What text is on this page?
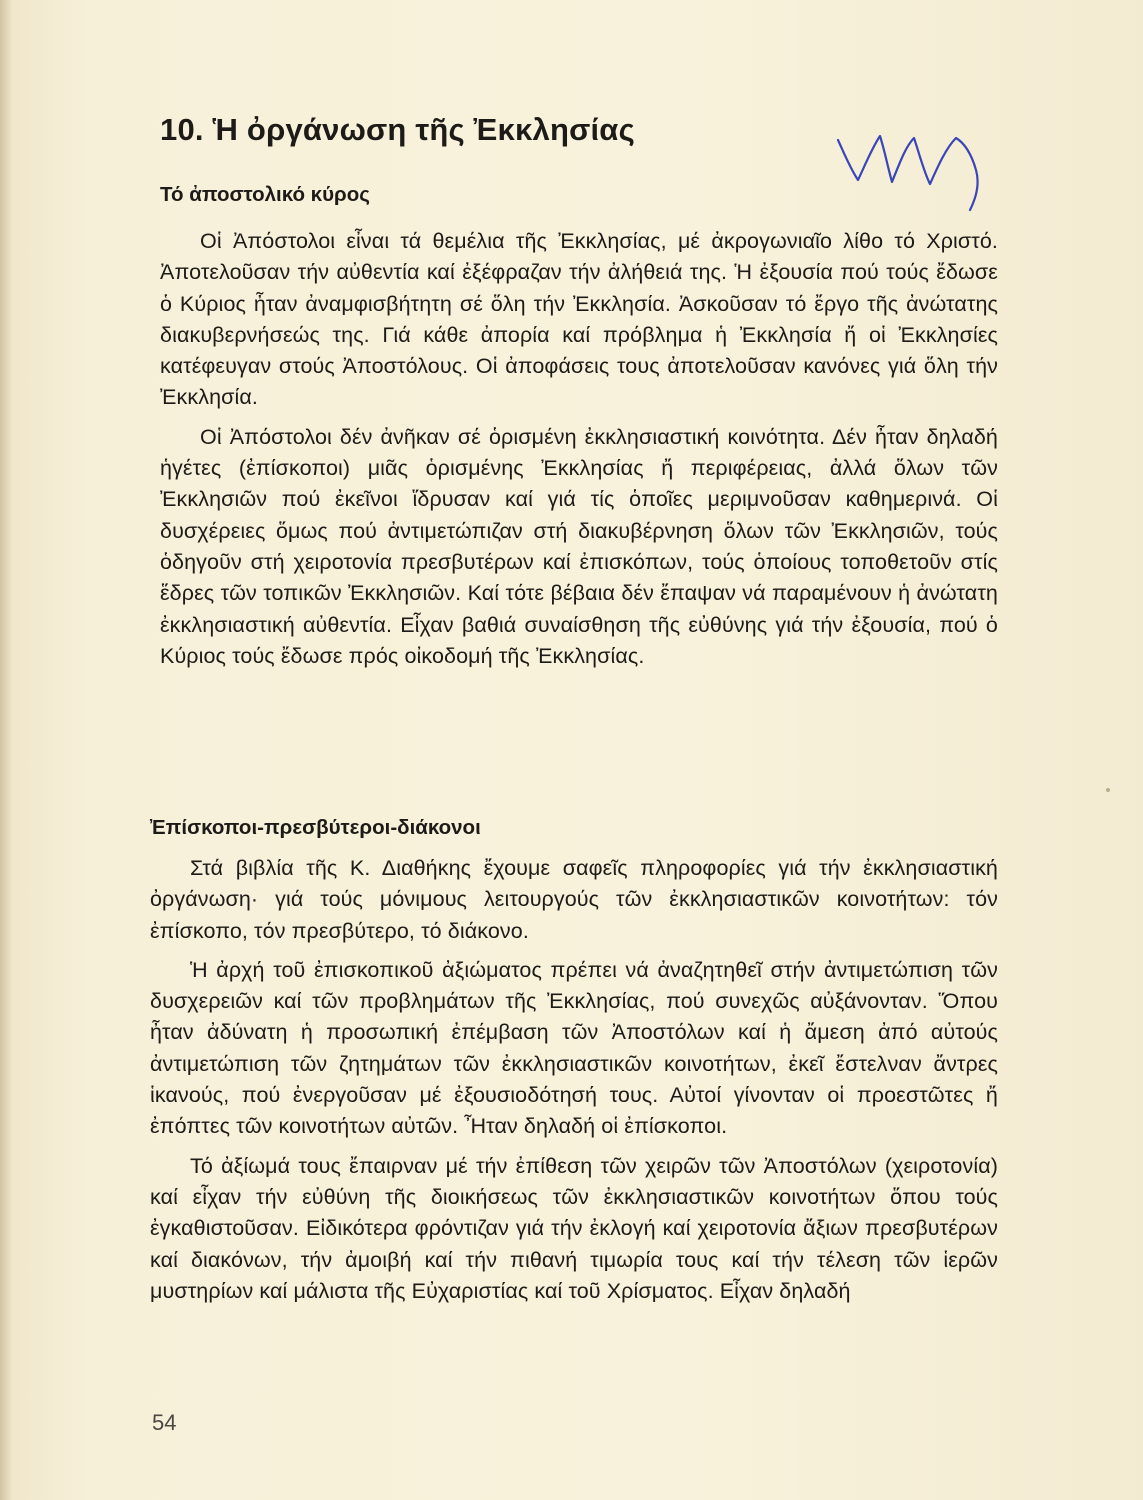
10. Ἡ ὀργάνωση τῆς Ἐκκλησίας
Τό ἀποστολικό κύρος

Οἱ Ἀπόστολοι εἶναι τά θεμέλια τῆς Ἐκκλησίας, μέ ἀκρογωνιαῖο λίθο τό Χριστό. Ἀποτελοῦσαν τήν αὐθεντία καί ἐξέφραζαν τήν ἀλήθειά της. Ἡ ἐξουσία πού τούς ἔδωσε ὁ Κύριος ἦταν ἀναμφισβήτητη σέ ὅλη τήν Ἐκκλησία. Ἀσκοῦσαν τό ἔργο τῆς ἀνώτατης διακυβερνήσεώς της. Γιά κάθε ἀπορία καί πρόβλημα ἡ Ἐκκλησία ἤ οἱ Ἐκκλησίες κατέφευγαν στούς Ἀποστόλους. Οἱ ἀποφάσεις τους ἀποτελοῦσαν κανόνες γιά ὅλη τήν Ἐκκλησία.

Οἱ Ἀπόστολοι δέν ἀνῆκαν σέ ὁρισμένη ἐκκλησιαστική κοινότητα. Δέν ἦταν δηλαδή ἡγέτες (ἐπίσκοποι) μιᾶς ὁρισμένης Ἐκκλησίας ἤ περιφέρειας, ἀλλά ὅλων τῶν Ἐκκλησιῶν πού ἐκεῖνοι ἵδρυσαν καί γιά τίς ὁποῖες μεριμνοῦσαν καθημερινά. Οἱ δυσχέρειες ὅμως πού ἀντιμετώπιζαν στή διακυβέρνηση ὅλων τῶν Ἐκκλησιῶν, τούς ὁδηγοῦν στή χειροτονία πρεσβυτέρων καί ἐπισκόπων, τούς ὁποίους τοποθετοῦν στίς ἕδρες τῶν τοπικῶν Ἐκκλησιῶν. Καί τότε βέβαια δέν ἔπαψαν νά παραμένουν ἡ ἀνώτατη ἐκκλησιαστική αὐθεντία. Εἶχαν βαθιά συναίσθηση τῆς εὐθύνης γιά τήν ἐξουσία, πού ὁ Κύριος τούς ἔδωσε πρός οἰκοδομή τῆς Ἐκκλησίας.

Ἐπίσκοποι-πρεσβύτεροι-διάκονοι

Στά βιβλία τῆς Κ. Διαθήκης ἔχουμε σαφεῖς πληροφορίες γιά τήν ἐκκλησιαστική ὀργάνωση· γιά τούς μόνιμους λειτουργούς τῶν ἐκκλησιαστικῶν κοινοτήτων: τόν ἐπίσκοπο, τόν πρεσβύτερο, τό διάκονο.

Ἡ ἀρχή τοῦ ἐπισκοπικοῦ ἀξιώματος πρέπει νά ἀναζητηθεῖ στήν ἀντιμετώπιση τῶν δυσχερειῶν καί τῶν προβλημάτων τῆς Ἐκκλησίας, πού συνεχῶς αὐξάνονταν. Ὅπου ἦταν ἀδύνατη ἡ προσωπική ἐπέμβαση τῶν Ἀποστόλων καί ἡ ἄμεση ἀπό αὐτούς ἀντιμετώπιση τῶν ζητημάτων τῶν ἐκκλησιαστικῶν κοινοτήτων, ἐκεῖ ἔστελναν ἄντρες ἱκανούς, πού ἐνεργοῦσαν μέ ἐξουσιοδότησή τους. Αὐτοί γίνονταν οἱ προεστῶτες ἤ ἐπόπτες τῶν κοινοτήτων αὐτῶν. Ἦταν δηλαδή οἱ ἐπίσκοποι.

Τό ἀξίωμά τους ἔπαιρναν μέ τήν ἐπίθεση τῶν χειρῶν τῶν Ἀποστόλων (χειροτονία) καί εἶχαν τήν εὐθύνη τῆς διοικήσεως τῶν ἐκκλησιαστικῶν κοινοτήτων ὅπου τούς ἐγκαθιστοῦσαν. Εἰδικότερα φρόντιζαν γιά τήν ἐκλογή καί χειροτονία ἄξιων πρεσβυτέρων καί διακόνων, τήν ἀμοιβή καί τήν πιθανή τιμωρία τους καί τήν τέλεση τῶν ἱερῶν μυστηρίων καί μάλιστα τῆς Εὐχαριστίας καί τοῦ Χρίσματος. Εἶχαν δηλαδή

54
